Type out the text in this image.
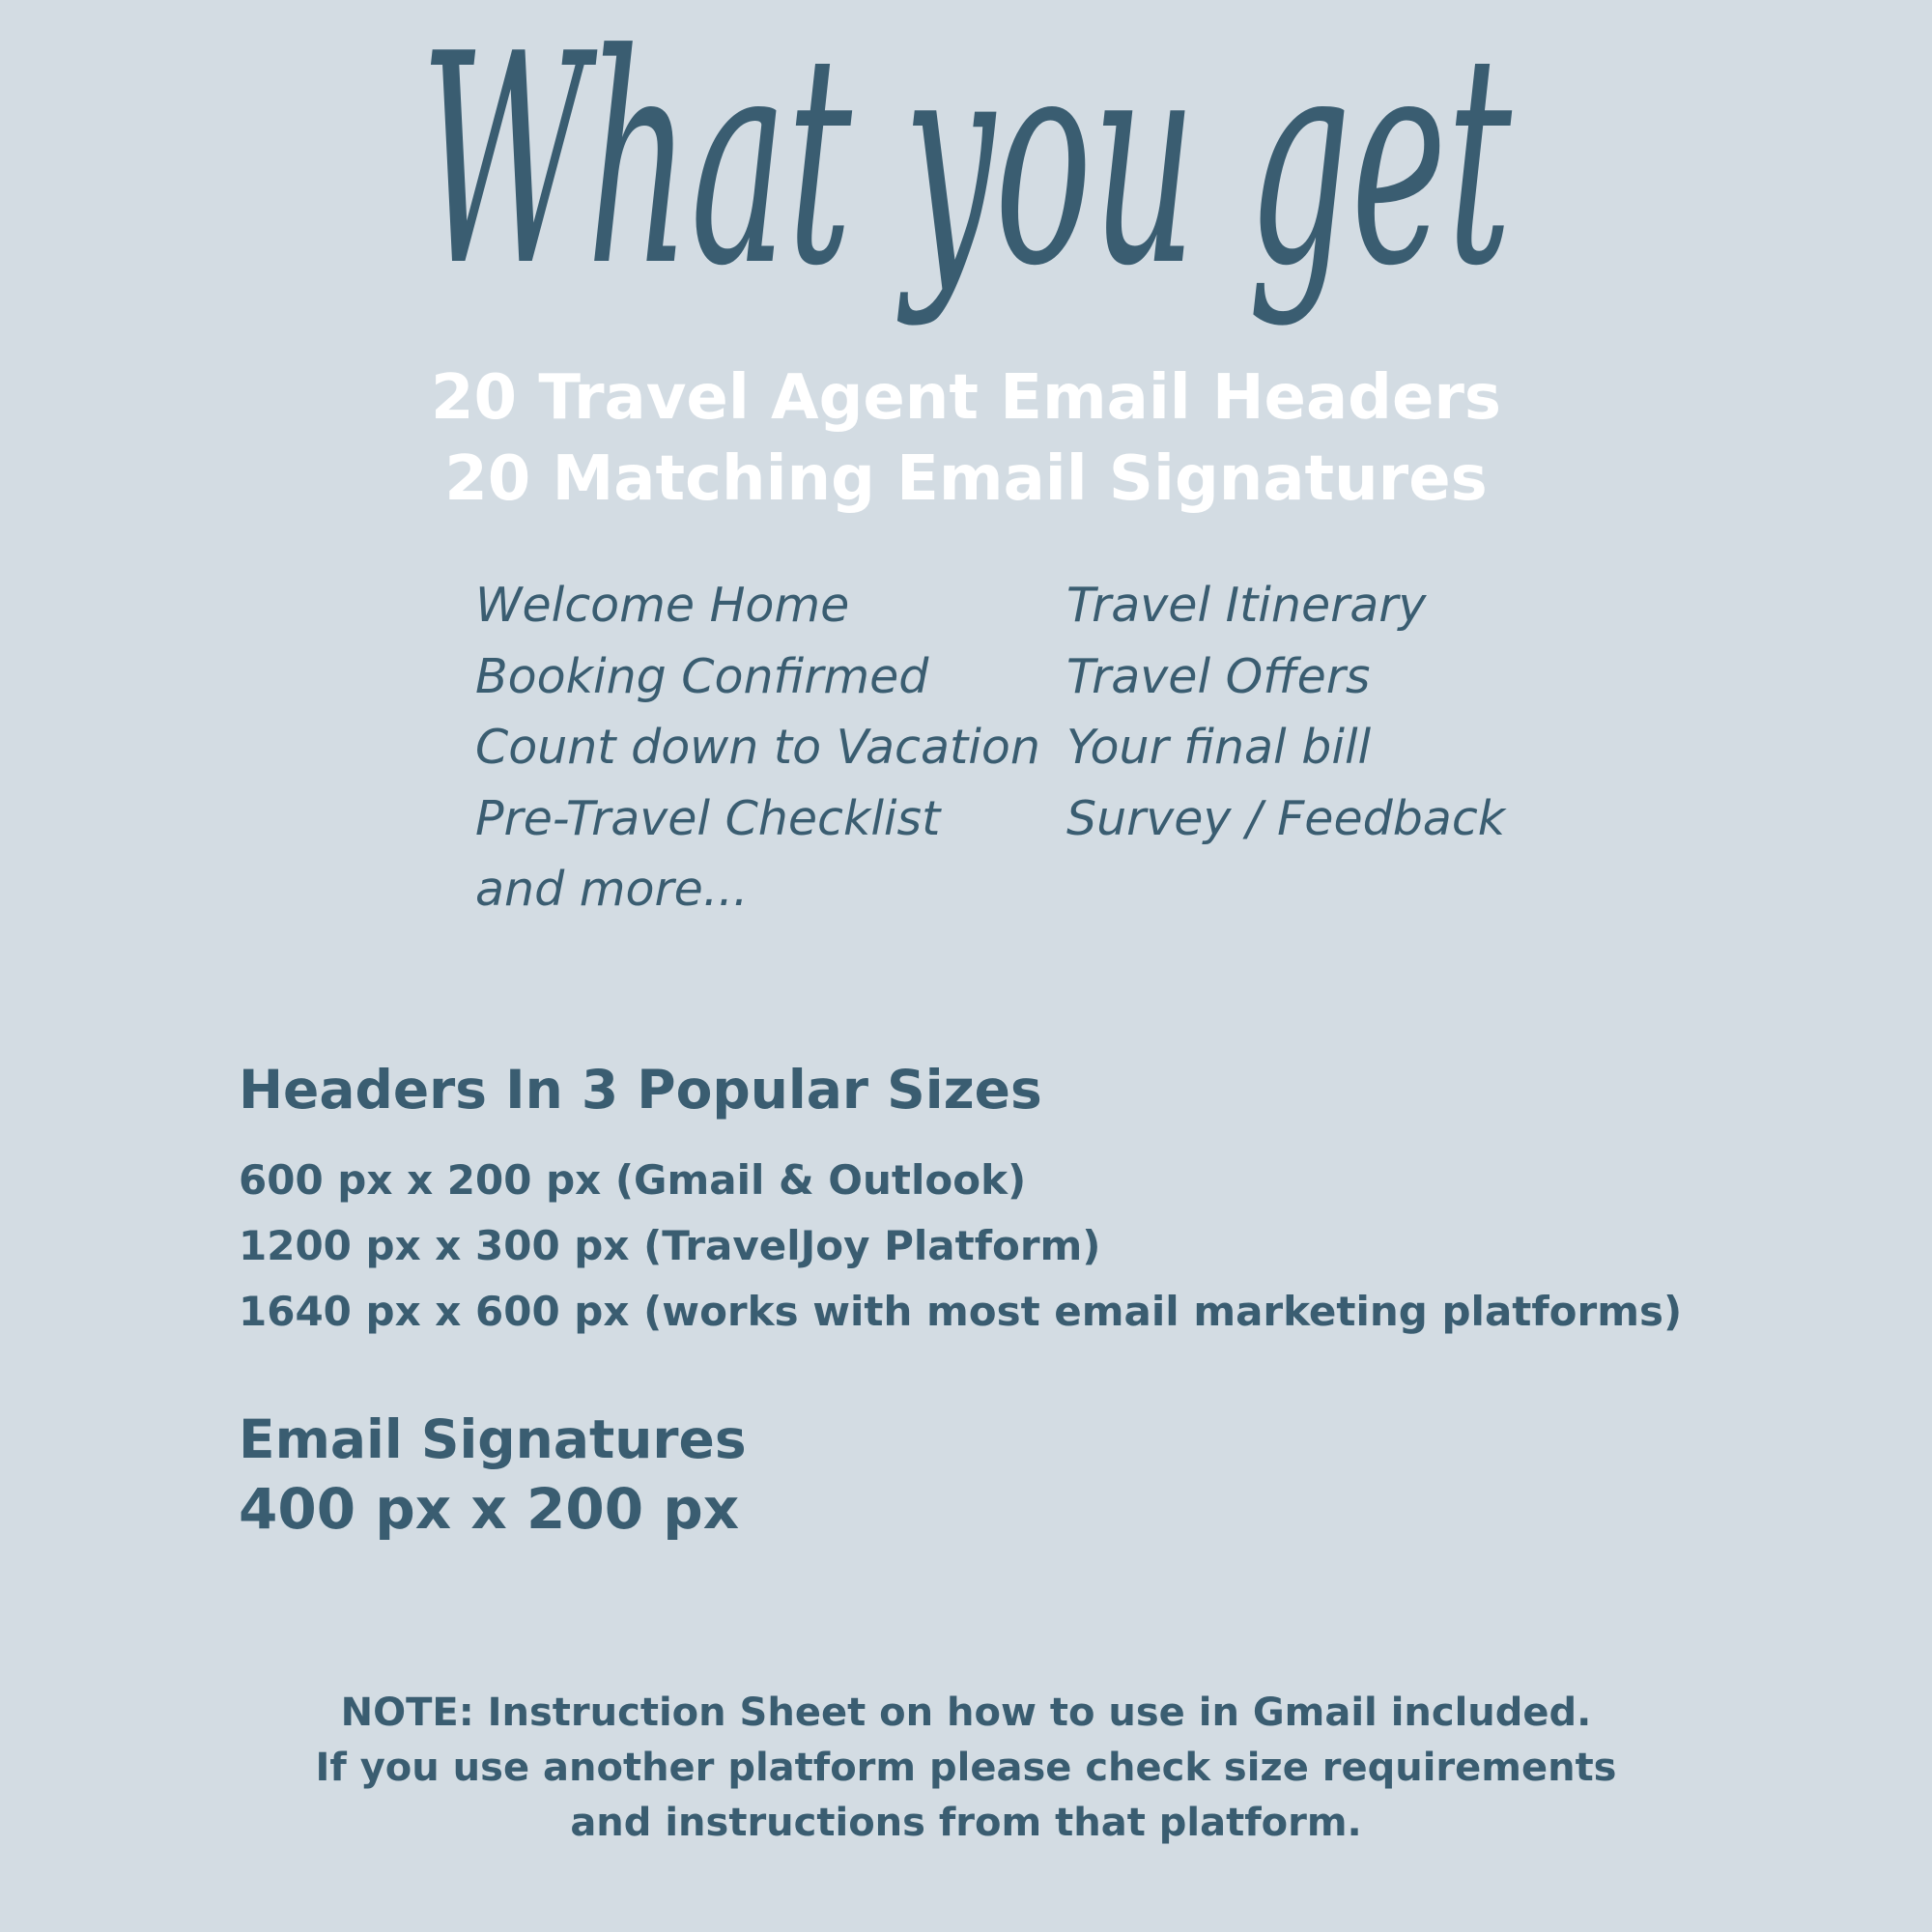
What you get
20 Travel Agent Email Headers
20 Matching Email Signatures
Welcome Home
Booking Confirmed
Count down to Vacation
Pre-Travel Checklist
and more...
Travel Itinerary
Travel Offers
Your final bill
Survey / Feedback
Headers In 3 Popular Sizes
600 px x 200 px (Gmail & Outlook)
1200 px x 300 px (TravelJoy Platform)
1640 px x 600 px (works with most email marketing platforms)
Email Signatures
400 px x 200 px
NOTE: Instruction Sheet on how to use in Gmail included.
If you use another platform please check size requirements
and instructions from that platform.
